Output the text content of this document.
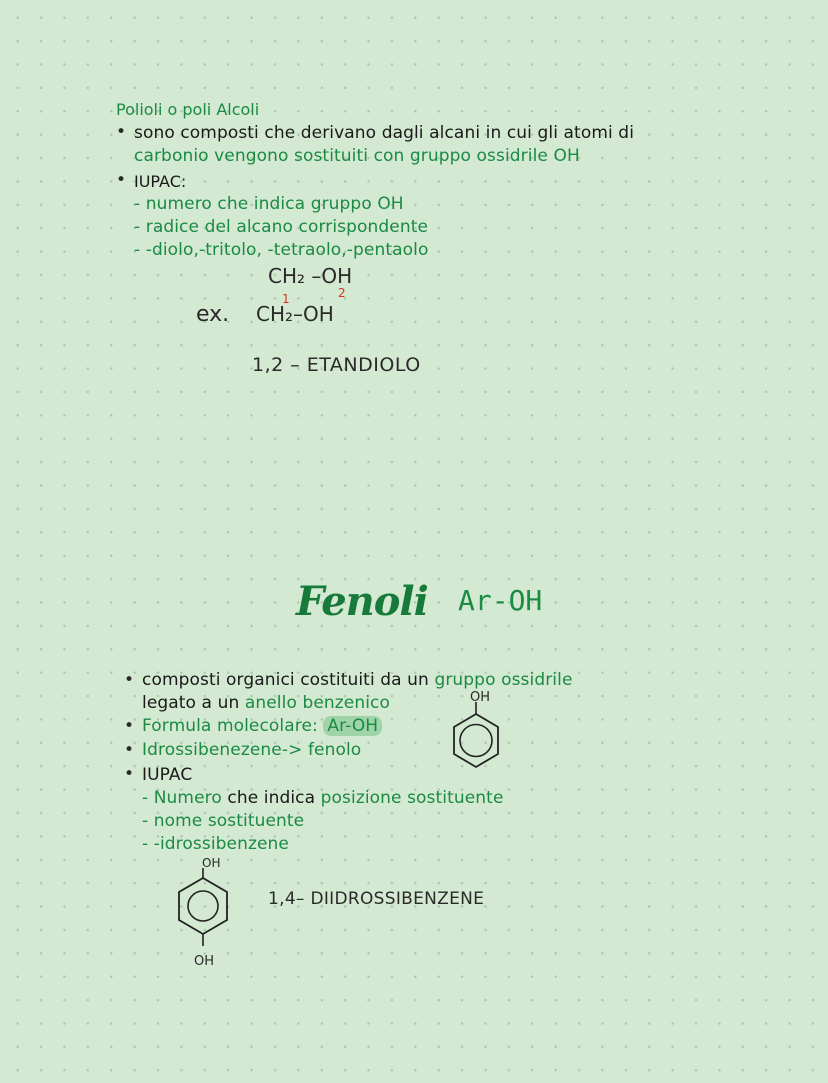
Polioli o poli Alcoli
• sono composti che derivano dagli alcani in cui gli atomi di
carbonio vengono sostituiti con gruppo ossidrile OH
• IUPAC:
- numero che indica gruppo OH
- radice del alcano corrispondente
- -diolo,-tritolo, -tetraolo,-pentaolo
CH₂ –OH
ex. CH₂–OH
1	2
1,2 – ETANDIOLO
Fenoli Ar-OH
• composti organici costituiti da un gruppo ossidrile
legato a un anello benzenico
• Formula molecolare: Ar-OH
• Idrossibenezene-> fenolo
• IUPAC
- Numero che indica posizione sostituente
- nome sostituente
- -idrossibenzene
OH
OH
OH
1,4– DIIDROSSIBENZENE
